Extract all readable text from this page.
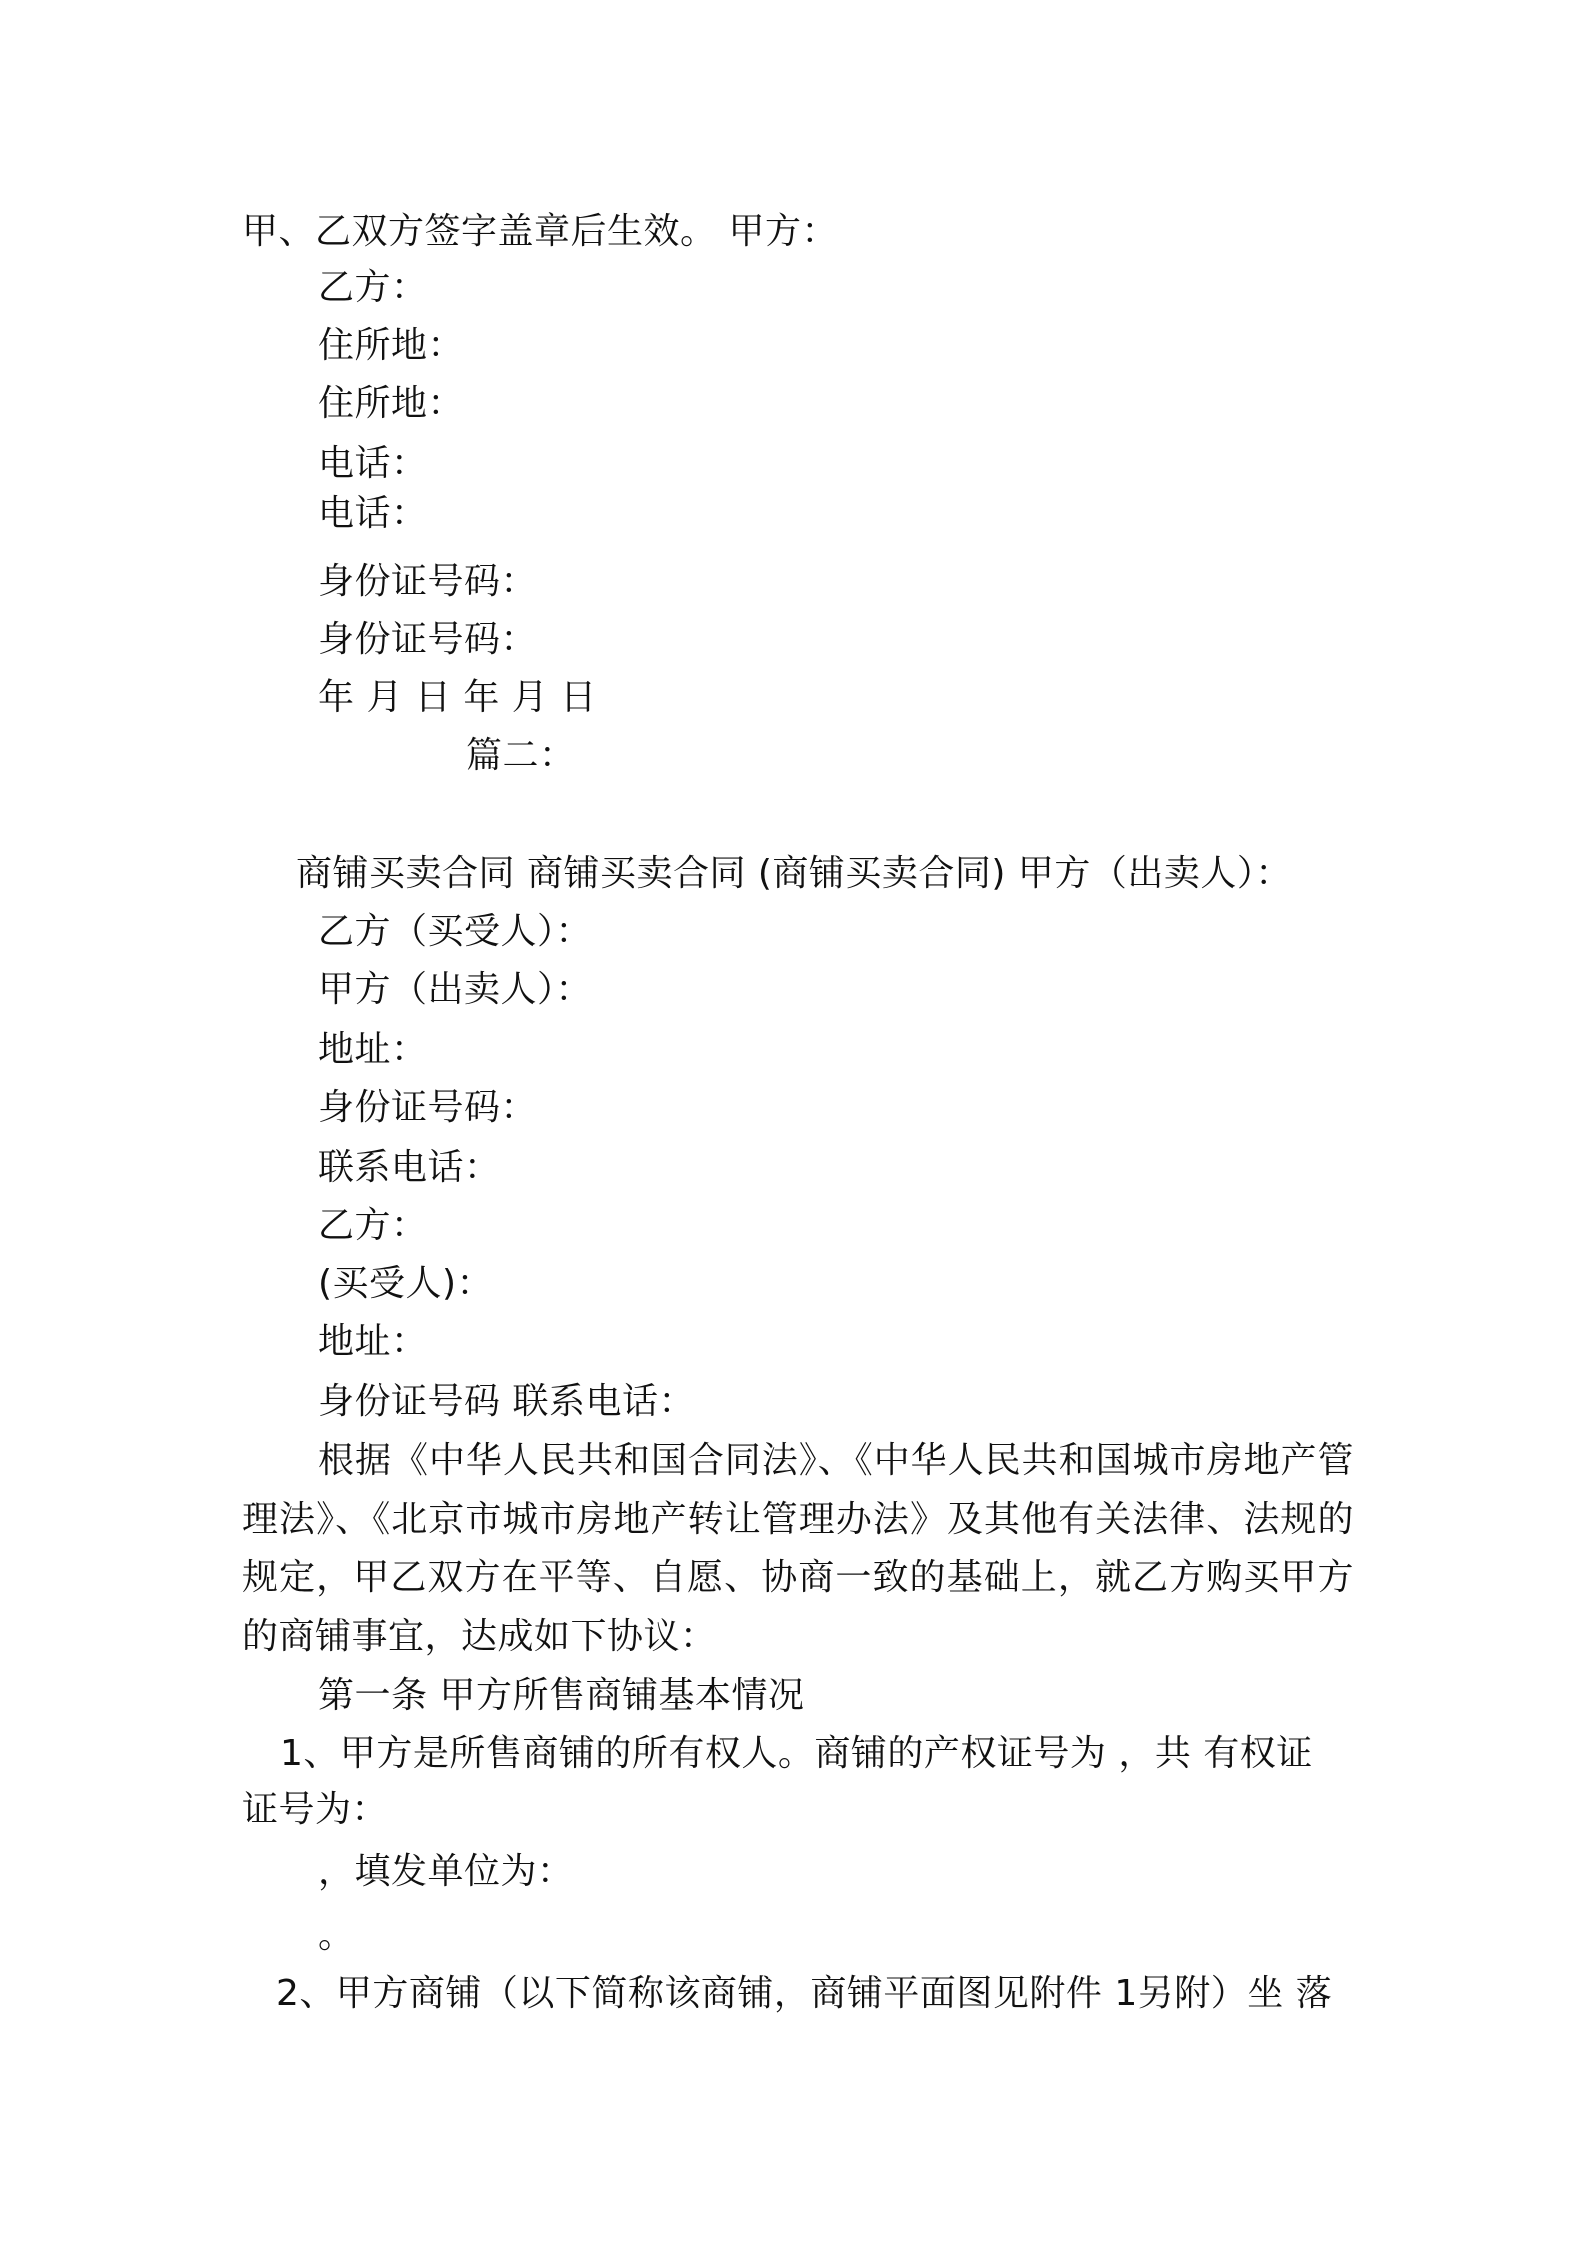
甲、乙双方签字盖章后生效。 甲方：
乙方：
住所地：
住所地：
电话：
电话：
身份证号码：
身份证号码：
年 月 日 年 月 日
篇二：
商铺买卖合同 商铺买卖合同 (商铺买卖合同) 甲方（出卖人）：
乙方（买受人）：
甲方（出卖人）：
地址：
身份证号码：
联系电话：
乙方：
(买受人)：
地址：
身份证号码 联系电话：
根据《中华人民共和国合同法》、《中华人民共和国城市房地产管 理法》、《北京市城市房地产转让管理办法》及其他有关法律、法规的 规定，甲乙双方在平等、自愿、协商一致的基础上，就乙方购买甲方 的商铺事宜，达成如下协议：
第一条 甲方所售商铺基本情况
1、甲方是所售商铺的所有权人。商铺的产权证号为 ，共 有权证
证号为：
，填发单位为：
。
2、甲方商铺（以下简称该商铺，商铺平面图见附件 1另附）坐 落
